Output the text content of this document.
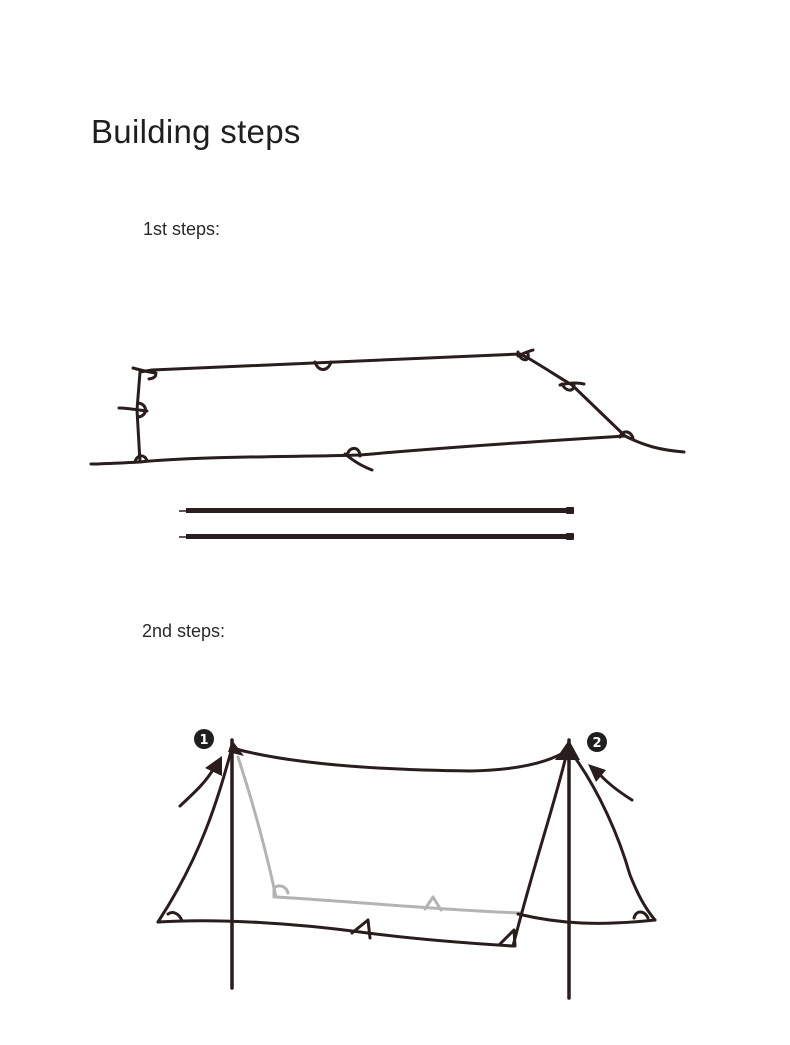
Building steps

1st steps:

2nd steps:

1	2
